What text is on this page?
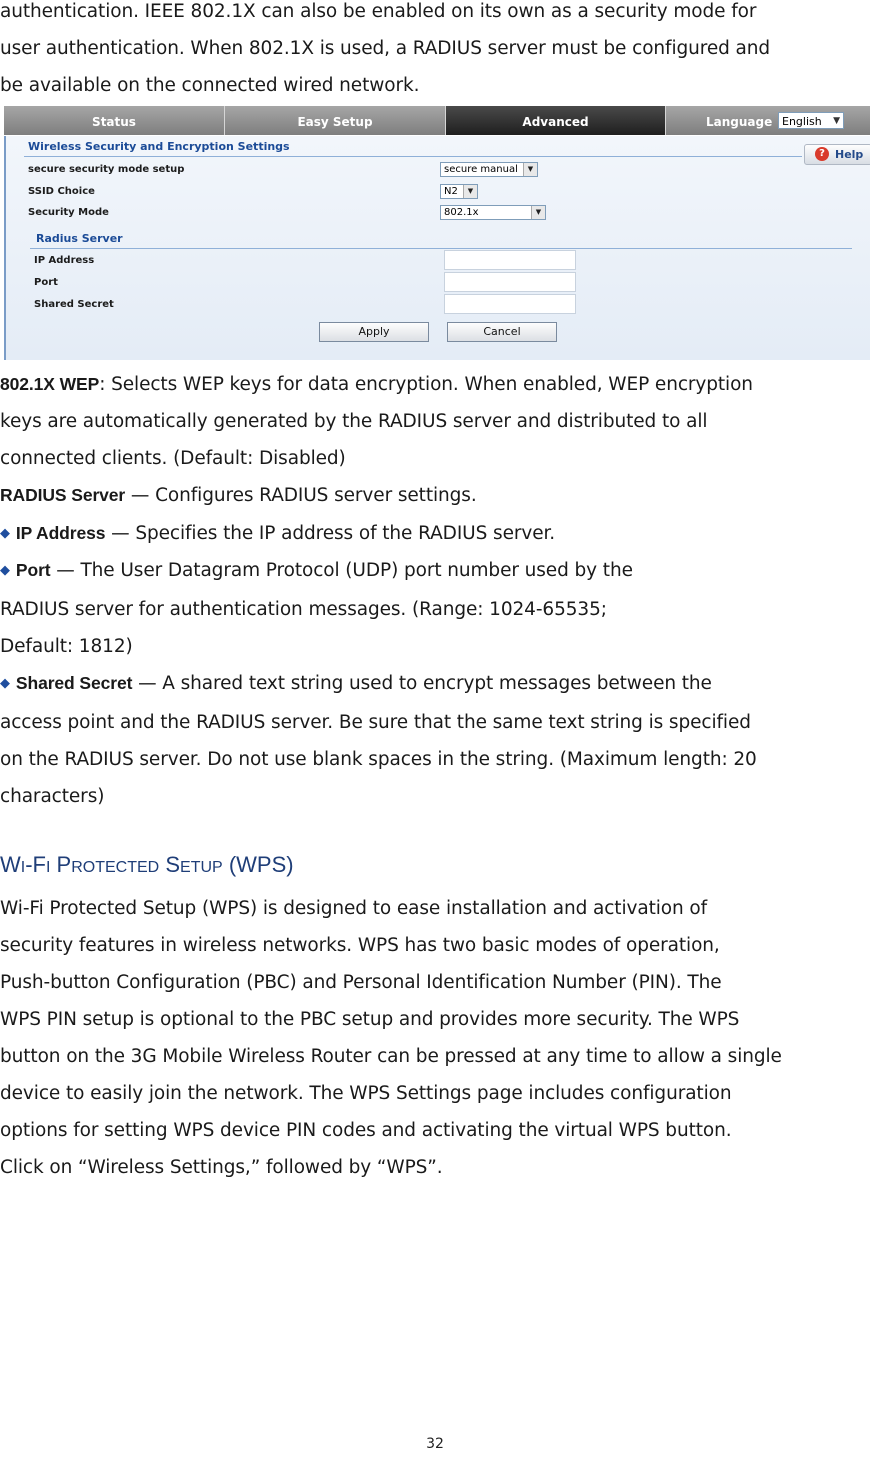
authentication. IEEE 802.1X can also be enabled on its own as a security mode for
user authentication. When 802.1X is used, a RADIUS server must be configured and
be available on the connected wired network.
Status	Easy Setup	Advanced	Language English ▼
Wireless Security and Encryption Settings
? Help
secure security mode setup	secure manual	▼
SSID Choice	N2	▼
Security Mode	802.1x	▼
Radius Server
IP Address
Port
Shared Secret
Apply	Cancel
802.1X WEP: Selects WEP keys for data encryption. When enabled, WEP encryption
keys are automatically generated by the RADIUS server and distributed to all
connected clients. (Default: Disabled)
RADIUS Server — Configures RADIUS server settings.
◆ IP Address — Specifies the IP address of the RADIUS server.
◆ Port — The User Datagram Protocol (UDP) port number used by the
RADIUS server for authentication messages. (Range: 1024-65535;
Default: 1812)
◆ Shared Secret — A shared text string used to encrypt messages between the
access point and the RADIUS server. Be sure that the same text string is specified
on the RADIUS server. Do not use blank spaces in the string. (Maximum length: 20
characters)
WI-FI PROTECTED SETUP (WPS)
Wi-Fi Protected Setup (WPS) is designed to ease installation and activation of
security features in wireless networks. WPS has two basic modes of operation,
Push-button Configuration (PBC) and Personal Identification Number (PIN). The
WPS PIN setup is optional to the PBC setup and provides more security. The WPS
button on the 3G Mobile Wireless Router can be pressed at any time to allow a single
device to easily join the network. The WPS Settings page includes configuration
options for setting WPS device PIN codes and activating the virtual WPS button.
Click on “Wireless Settings,” followed by “WPS”.
32
